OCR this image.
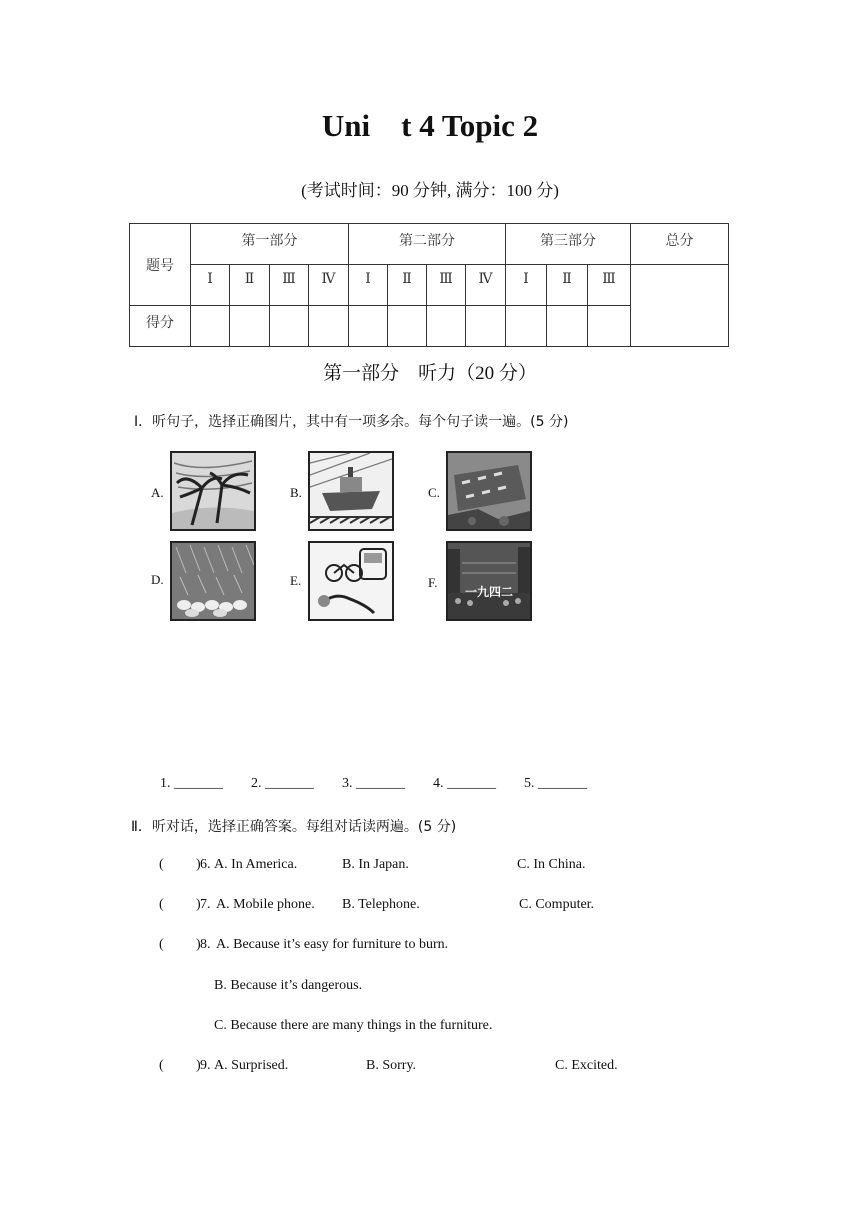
Uni    t 4 Topic 2
(考试时间：90 分钟, 满分：100 分)
题号	第一部分				第二部分				第三部分			总分
	Ⅰ	Ⅱ	Ⅲ	Ⅳ	Ⅰ	Ⅱ	Ⅲ	Ⅳ	Ⅰ	Ⅱ	Ⅲ	
得分												
第一部分　听力（20 分）
Ⅰ．听句子，选择正确图片，其中有一项多余。每个句子读一遍。(5 分)
A.	B.	C.
D.	E.	F.
一九四二
1. _______ 2. _______ 3. _______ 4. _______ 5. _______
Ⅱ．听对话，选择正确答案。每组对话读两遍。(5 分)
( ) 6. A. In America.	B. In Japan.	C. In China.
( ) 7. A. Mobile phone. B. Telephone.	C. Computer.
( ) 8. A. Because it’s easy for furniture to burn.
B. Because it’s dangerous.
C. Because there are many things in the furniture.
( ) 9. A. Surprised.	B. Sorry.	C. Excited.
